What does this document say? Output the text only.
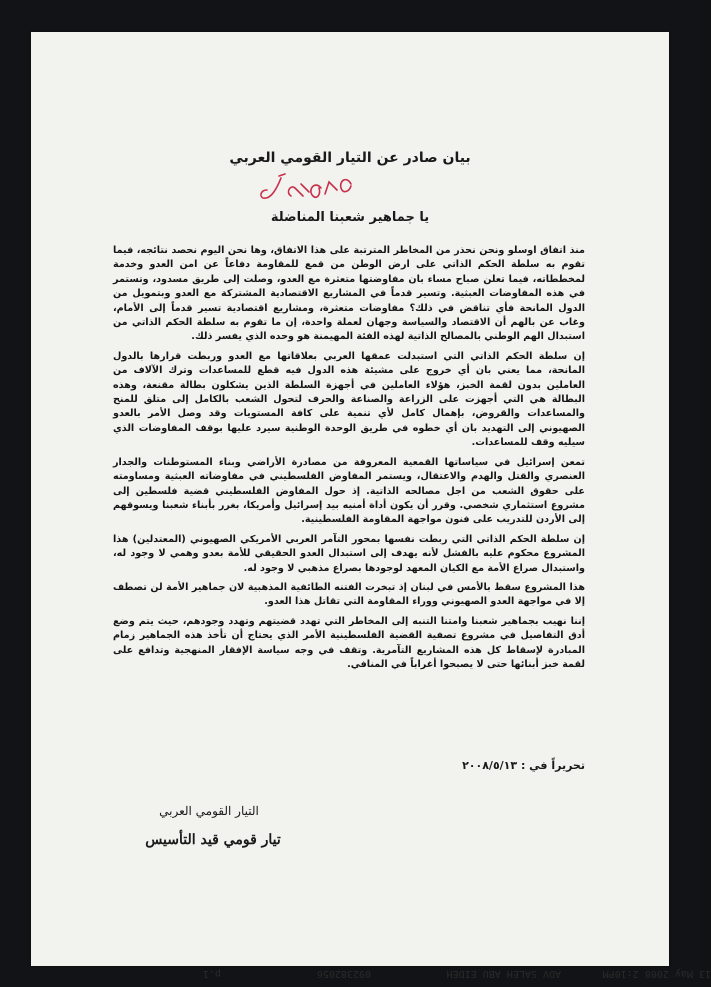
بيان صادر عن التيار القومي العربي
يا جماهير شعبنا المناضلة

منذ اتفاق اوسلو ونحن نحذر من المخاطر المترتبة على هذا الاتفاق، وها نحن اليوم نحصد نتائجه، فيما تقوم به سلطة الحكم الذاتي على ارض الوطن من قمع للمقاومة دفاعاً عن امن العدو وخدمة لمخططاته، فيما تعلن صباح مساء بان مفاوضتها متعثرة مع العدو، وصلت إلى طريق مسدود، وتستمر في هذه المفاوضات العبثية. وتسير قدماً في المشاريع الاقتصادية المشتركة مع العدو وبتمويل من الدول المانحة فأي تناقض في ذلك؟ مفاوضات متعثرة، ومشاريع اقتصادية تسير قدماً إلى الأمام، وغاب عن بالهم أن الاقتصاد والسياسة وجهان لعملة واحدة، إن ما تقوم به سلطة الحكم الذاتي من استبدال الهم الوطني بالمصالح الذاتية لهذه الفئة المهيمنة هو وحده الذي يفسر ذلك.

إن سلطة الحكم الذاتي التي استبدلت عمقها العربي بعلاقاتها مع العدو وربطت قرارها بالدول المانحة، مما يعني بان أي خروج على مشيئة هذه الدول فيه قطع للمساعدات وترك الآلاف من العاملين بدون لقمة الخبز، هؤلاء العاملين في أجهزة السلطة الذين يشكلون بطالة مقنعة، وهذه البطالة هي التي أجهزت على الزراعة والصناعة والحرف لتحول الشعب بالكامل إلى متلق للمنح والمساعدات والقروض، بإهمال كامل لأي تنمية على كافة المستويات وقد وصل الأمر بالعدو الصهيوني إلى التهديد بان أي خطوه في طريق الوحدة الوطنية سيرد عليها بوقف المفاوضات الذي سيليه وقف للمساعدات.

تمعن إسرائيل في سياساتها القمعية المعروفة من مصادرة الأراضي وبناء المستوطنات والجدار العنصري والقتل والهدم والاعتقال، ويستمر المفاوض الفلسطيني في مفاوضاته العبثية ومساومته على حقوق الشعب من اجل مصالحه الذاتية. إذ حول المفاوض الفلسطيني قضية فلسطين إلى مشروع استثماري شخصي. وقرر أن يكون أداة أمنيه بيد إسرائيل وأمريكا، بغرر بأبناء شعبنا ويسوقهم إلى الأردن للتدريب على فنون مواجهة المقاومة الفلسطينية.

إن سلطة الحكم الذاتي التي ربطت نفسها بمحور التآمر العربي الأمريكي الصهيوني (المعتدلين) هذا المشروع محكوم عليه بالفشل لأنه يهدف إلى استبدال العدو الحقيقي للأمة بعدو وهمي لا وجود له، واستبدال صراع الأمة مع الكيان المعهد لوجودها بصراع مذهبي لا وجود له.

هذا المشروع سقط بالأمس في لبنان إذ تبخرت الفتنه الطائفية المذهبية لان جماهير الأمة لن تصطف إلا في مواجهة العدو الصهيوني ووراء المقاومة التي تقاتل هذا العدو.

إننا نهيب بجماهير شعبنا وامتنا التنبه إلى المخاطر التي تهدد قضيتهم وتهدد وجودهم، حيث يتم وضع أدق التفاصيل في مشروع تصفية القضية الفلسطينية الأمر الذي يحتاج أن تأخذ هذه الجماهير زمام المبادرة لإسقاط كل هذه المشاريع التآمرية. وتقف في وجه سياسة الإفقار المنهجية وتدافع على لقمة خبز أبنائها حتى لا يصبحوا أغراباً في المنافي.

تحريراً في : ٢٠٠٨/٥/١٣
التيار القومي العربي
تيار قومي قيد التأسيس
13 May 2008 2:10PM
ADV SALEH ABU EIDEH
092382056
p.1
